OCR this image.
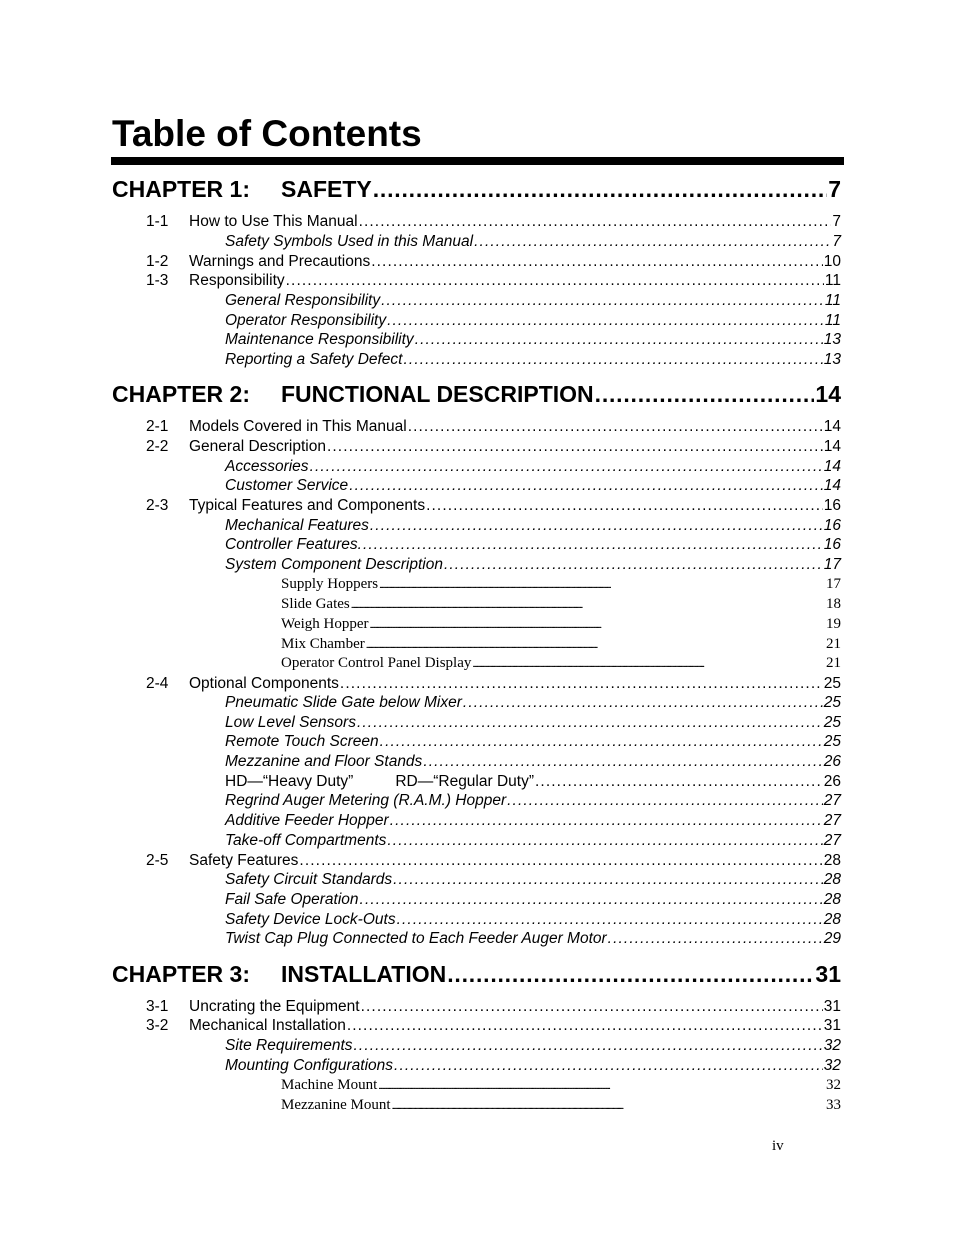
Table of Contents
CHAPTER 1: SAFETY . . .	7
1-1 How to Use This Manual . . .	7
Safety Symbols Used in this Manual . . .	7
1-2 Warnings and Precautions . . .	10
1-3 Responsibility . . .	11
General Responsibility . . .	11
Operator Responsibility . . .	11
Maintenance Responsibility . . .	13
Reporting a Safety Defect . . .	13
CHAPTER 2: FUNCTIONAL DESCRIPTION . . .	14
2-1 Models Covered in This Manual . . .	14
2-2 General Description . . .	14
Accessories . . .	14
Customer Service . . .	14
2-3 Typical Features and Components . . .	16
Mechanical Features . . .	16
Controller Features. . . .	16
System Component Description . . .	17
Supply Hoppers . . .	17
Slide Gates . . .	18
Weigh Hopper . . .	19
Mix Chamber . . .	21
Operator Control Panel Display . . .	21
2-4 Optional Components . . .	25
Pneumatic Slide Gate below Mixer . . .	25
Low Level Sensors . . .	25
Remote Touch Screen . . .	25
Mezzanine and Floor Stands . . .	26
HD—“Heavy Duty”	RD—“Regular Duty” . . .	26
Regrind Auger Metering (R.A.M.) Hopper . . .	27
Additive Feeder Hopper . . .	27
Take-off Compartments . . .	27
2-5 Safety Features . . .	28
Safety Circuit Standards . . .	28
Fail Safe Operation . . .	28
Safety Device Lock-Outs . . .	28
Twist Cap Plug Connected to Each Feeder Auger Motor . . .	29
CHAPTER 3: INSTALLATION . . .	31
3-1 Uncrating the Equipment . . .	31
3-2 Mechanical Installation . . .	31
Site Requirements . . .	32
Mounting Configurations . . .	32
Machine Mount . . .	32
Mezzanine Mount . . .	33
iv
